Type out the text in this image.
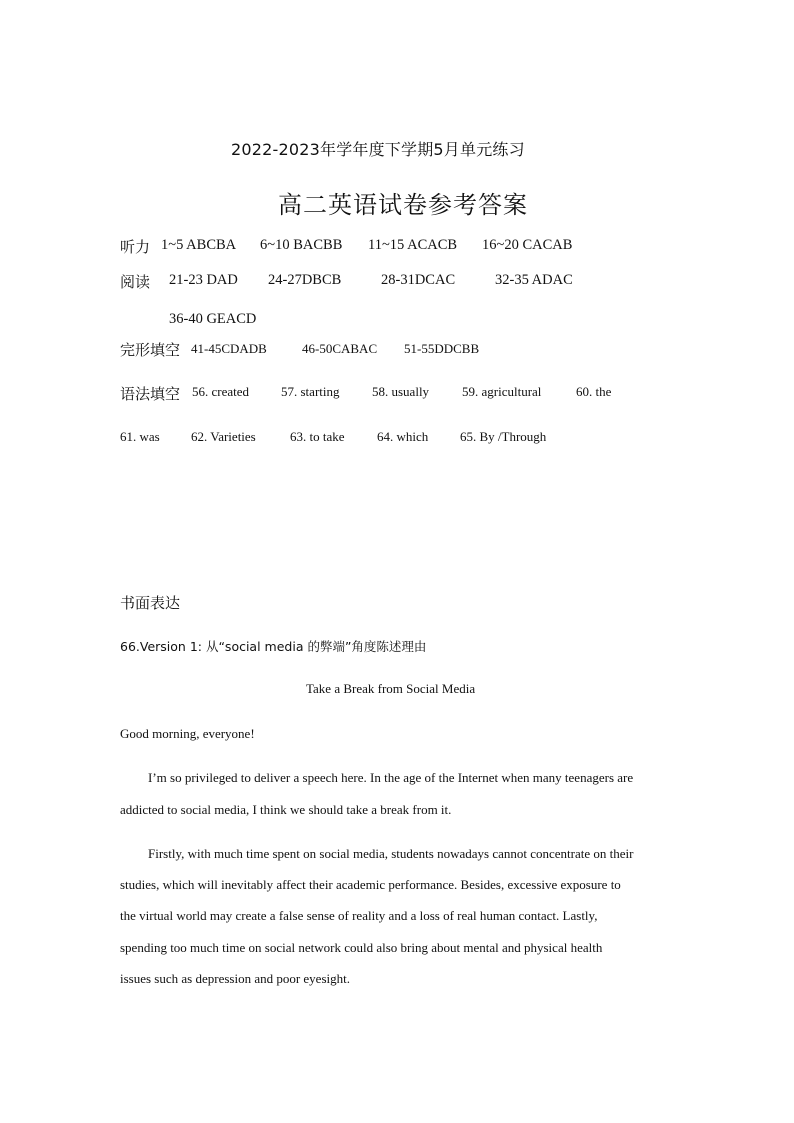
2022-2023年学年度下学期5月单元练习
高二英语试卷参考答案
听力 1~5 ABCBA 6~10 BACBB 11~15 ACACB 16~20 CACAB
阅读 21-23 DAD 24-27DBCB	28-31DCAC	32-35 ADAC
36-40 GEACD
完形填空 41-45CDADB	46-50CABAC 51-55DDCBB
语法填空 56. created 57. starting	58. usually	59. agricultural	60. the
61. was 62. Varieties	63. to take 64. which 65. By /Through
书面表达
66.Version 1: 从“social media 的弊端”角度陈述理由
Take a Break from Social Media
Good morning, everyone!
I’m so privileged to deliver a speech here. In the age of the Internet when many teenagers are
addicted to social media, I think we should take a break from it.
Firstly, with much time spent on social media, students nowadays cannot concentrate on their
studies, which will inevitably affect their academic performance. Besides, excessive exposure to
the virtual world may create a false sense of reality and a loss of real human contact. Lastly,
spending too much time on social network could also bring about mental and physical health
issues such as depression and poor eyesight.
